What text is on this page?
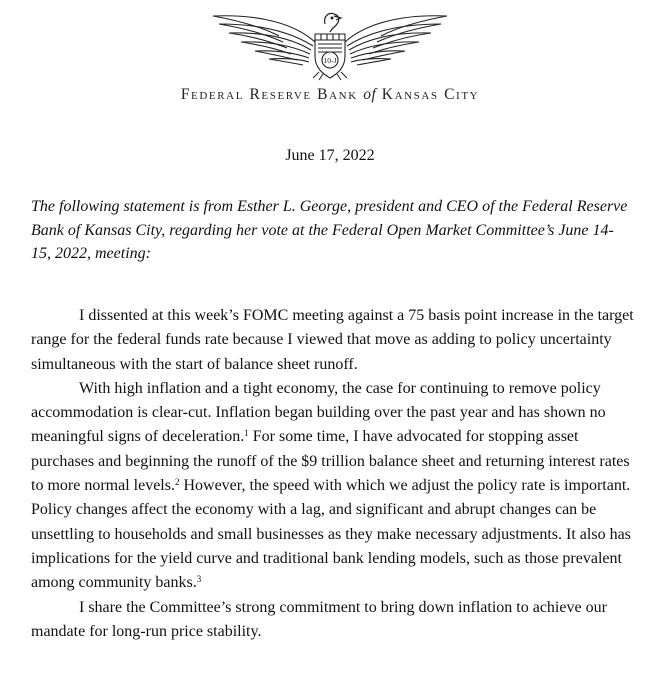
10-J
Federal Reserve Bank of Kansas City
June 17, 2022
The following statement is from Esther L. George, president and CEO of the Federal Reserve Bank of Kansas City, regarding her vote at the Federal Open Market Committee’s June 14-15, 2022, meeting:

I dissented at this week’s FOMC meeting against a 75 basis point increase in the target range for the federal funds rate because I viewed that move as adding to policy uncertainty simultaneous with the start of balance sheet runoff.

With high inflation and a tight economy, the case for continuing to remove policy accommodation is clear-cut. Inflation began building over the past year and has shown no meaningful signs of deceleration.$^1$ For some time, I have advocated for stopping asset purchases and beginning the runoff of the $9 trillion balance sheet and returning interest rates to more normal levels.$^2$ However, the speed with which we adjust the policy rate is important. Policy changes affect the economy with a lag, and significant and abrupt changes can be unsettling to households and small businesses as they make necessary adjustments. It also has implications for the yield curve and traditional bank lending models, such as those prevalent among community banks.$^3$

I share the Committee’s strong commitment to bring down inflation to achieve our mandate for long-run price stability.
